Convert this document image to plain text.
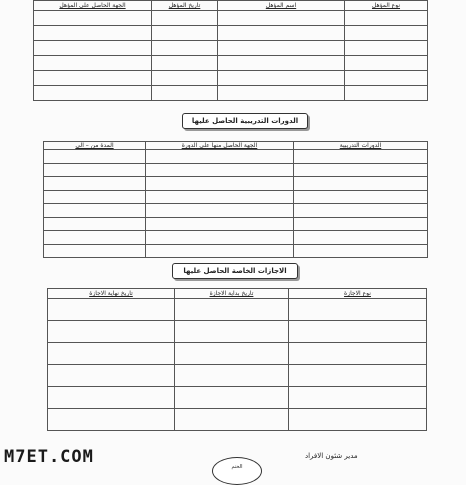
نوع المؤهل	اسم المؤهل	تاريخ المؤهل	الجهة الحاصل على المؤهل

الدورات التدريبية الحاصل عليها
الدورات التدريبية	الجهة الحاصل منها على الدورة	المدة من – الى

الاجازات الخاصة الحاصل عليها
نوع الاجازة	تاريخ بداية الاجازة	تاريخ نهاية الاجازة

مدير شئون الافراد
الختم
M7ET.COM
